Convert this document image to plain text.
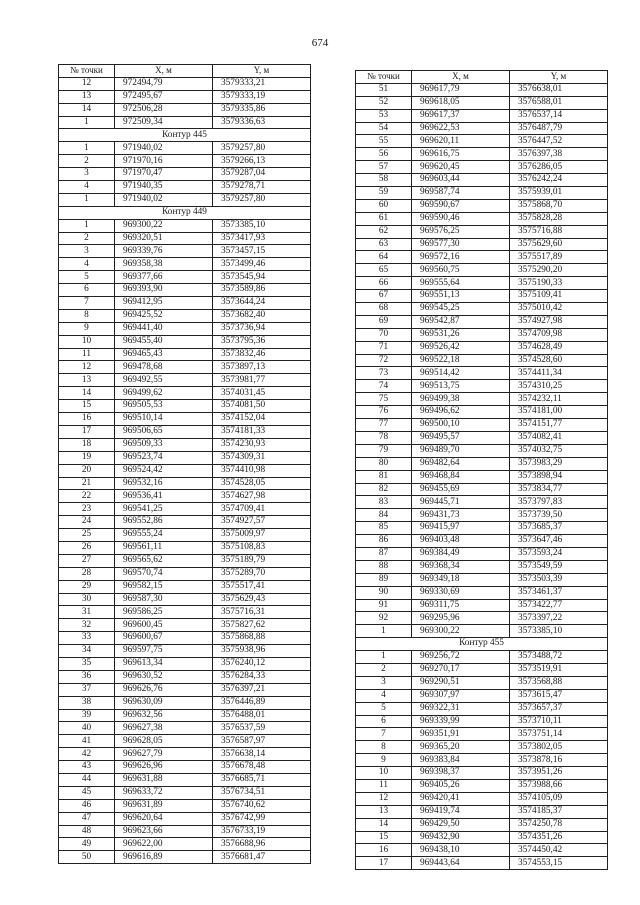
674
№ точки	X, м	Y, м
12	972494,79	3579333,21
13	972495,67	3579333,19
14	972506,28	3579335,86
1	972509,34	3579336,63
Контур 445		
1	971940,02	3579257,80
2	971970,16	3579266,13
3	971970,47	3579287,04
4	971940,35	3579278,71
1	971940,02	3579257,80
Контур 449		
1	969300,22	3573385,10
2	969320,51	3573417,93
3	969339,76	3573457,15
4	969358,38	3573499,46
5	969377,66	3573545,94
6	969393,90	3573589,86
7	969412,95	3573644,24
8	969425,52	3573682,40
9	969441,40	3573736,94
10	969455,40	3573795,36
11	969465,43	3573832,46
12	969478,68	3573897,13
13	969492,55	3573981,77
14	969499,62	3574031,45
15	969505,53	3574081,50
16	969510,14	3574152,04
17	969506,65	3574181,33
18	969509,33	3574230,93
19	969523,74	3574309,31
20	969524,42	3574410,98
21	969532,16	3574528,05
22	969536,41	3574627,98
23	969541,25	3574709,41
24	969552,86	3574927,57
25	969555,24	3575009,97
26	969561,11	3575108,83
27	969565,62	3575189,79
28	969570,74	3575289,70
29	969582,15	3575517,41
30	969587,30	3575629,43
31	969586,25	3575716,31
32	969600,45	3575827,62
33	969600,67	3575868,88
34	969597,75	3575938,96
35	969613,34	3576240,12
36	969630,52	3576284,33
37	969626,76	3576397,21
38	969630,09	3576446,89
39	969632,56	3576488,01
40	969627,38	3576537,59
41	969628,05	3576587,97
42	969627,79	3576638,14
43	969626,96	3576678,48
44	969631,88	3576685,71
45	969633,72	3576734,51
46	969631,89	3576740,62
47	969620,64	3576742,99
48	969623,66	3576733,19
49	969622,00	3576688,96
50	969616,89	3576681,47
№ точки	X, м	Y, м
51	969617,79	3576638,01
52	969618,05	3576588,01
53	969617,37	3576537,14
54	969622,53	3576487,79
55	969620,11	3576447,52
56	969616,75	3576397,38
57	969620,45	3576286,05
58	969603,44	3576242,24
59	969587,74	3575939,01
60	969590,67	3575868,70
61	969590,46	3575828,28
62	969576,25	3575716,88
63	969577,30	3575629,60
64	969572,16	3575517,89
65	969560,75	3575290,20
66	969555,64	3575190,33
67	969551,13	3575109,41
68	969545,25	3575010,42
69	969542,87	3574927,98
70	969531,26	3574709,98
71	969526,42	3574628,49
72	969522,18	3574528,60
73	969514,42	3574411,34
74	969513,75	3574310,25
75	969499,38	3574232,11
76	969496,62	3574181,00
77	969500,10	3574151,77
78	969495,57	3574082,41
79	969489,70	3574032,75
80	969482,64	3573983,29
81	969468,84	3573898,94
82	969455,69	3573834,77
83	969445,71	3573797,83
84	969431,73	3573739,50
85	969415,97	3573685,37
86	969403,48	3573647,46
87	969384,49	3573593,24
88	969368,34	3573549,59
89	969349,18	3573503,39
90	969330,69	3573461,37
91	969311,75	3573422,77
92	969295,96	3573397,22
1	969300,22	3573385,10
Контур 455		
1	969256,72	3573488,72
2	969270,17	3573519,91
3	969290,51	3573568,88
4	969307,97	3573615,47
5	969322,31	3573657,37
6	969339,99	3573710,11
7	969351,91	3573751,14
8	969365,20	3573802,05
9	969383,84	3573878,16
10	969398,37	3573951,26
11	969405,26	3573988,66
12	969420,41	3574105,09
13	969419,74	3574185,37
14	969429,50	3574250,78
15	969432,90	3574351,26
16	969438,10	3574450,42
17	969443,64	3574553,15
